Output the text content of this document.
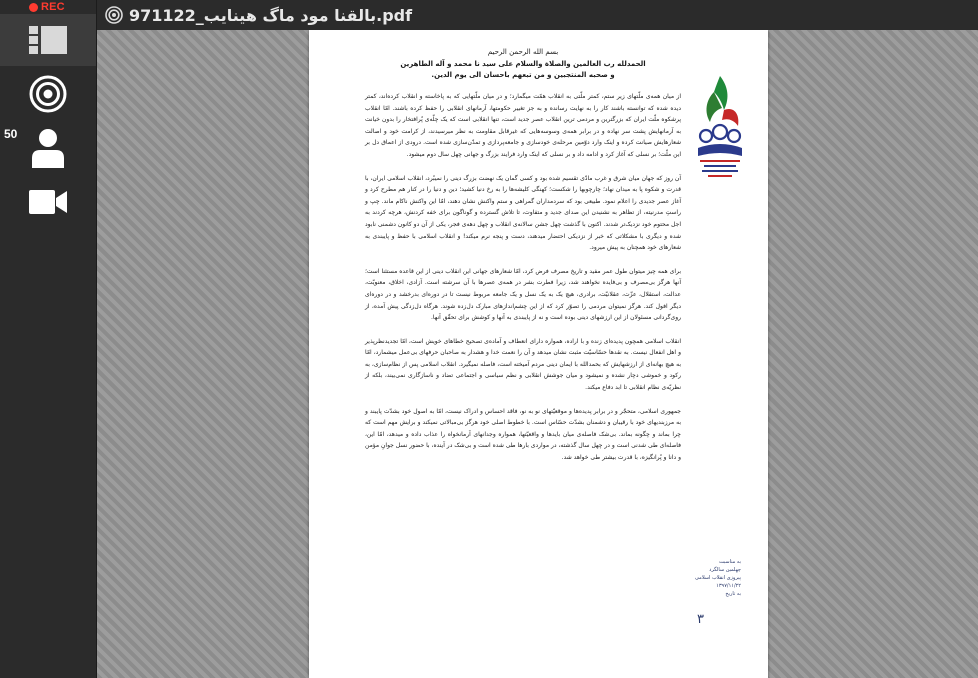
REC
50
بالقنا مود ماگ هینایب_971122.pdf
بسم الله الرحمن الرحیم
الحمدلله رب العالمین والصلاة والسلام علی سید نا محمد و آله الطاهرین
و صحبه المنتجبین و من تبعهم باحسان الی یوم الدین.

از میان همه‌ی ملّتهای زیر ستم، کمتر ملّتی به انقلاب همّت میگمارد؛ و در میان ملّتهایی که به پاخاسته و انقلاب کرده‌اند، کمتر دیده شده که توانسته باشند کار را به نهایت رسانده و به جز تغییر حکومتها، آرمانهای انقلابی را حفظ کرده باشند. امّا انقلاب پرشکوه ملّت ایران که بزرگترین و مردمی ترین انقلاب عصر جدید است، تنها انقلابی است که یک چلّه‌ی پُرافتخار را بدون خیانت به آرمانهایش پشت سر نهاده و در برابر همه‌ی وسوسه‌هایی که غیرقابل مقاومت به نظر میرسیدند، از کرامت خود و اصالت شعارهایش صیانت کرده و اینک وارد دوّمین مرحله‌ی خودسازی و جامعه‌پردازی و تمدّن‌سازی شده است. درودی از اعماق دل بر این ملّت؛ بر نسلی که آغاز کرد و ادامه داد و بر نسلی که اینک وارد فرایند بزرگ و جهانی چهل سال دوم میشود.

آن روز که جهان میان شرق و غرب مادّی تقسیم شده بود و کسی گمان یک نهضت بزرگ دینی را نمیبُرد، انقلاب اسلامی ایران، با قدرت و شکوه پا به میدان نهاد؛ چارچوبها را شکست؛ کهنگی کلیشه‌ها را به رخ دنیا کشید؛ دین و دنیا را در کنار هم مطرح کرد و آغاز عصر جدیدی را اعلام نمود. طبیعی بود که سردمداران گمراهی و ستم واکنش نشان دهند، امّا این واکنش ناکام ماند. چپ و راستِ مدرنیته، از تظاهر به نشنیدن این صدای جدید و متفاوت، تا تلاش گسترده و گوناگون برای خفه کردنش، هرچه کردند به اجل محتوم خود نزدیک‌تر شدند. اکنون با گذشت چهل جشن سالانه‌ی انقلاب و چهل دهه‌ی فجر، یکی از آن دو کانون دشمنی نابود شده و دیگری با مشکلاتی که خبر از نزدیکی احتضار میدهند، دست و پنجه نرم میکند! و انقلاب اسلامی با حفظ و پایبندی به شعارهای خود همچنان به پیش میرود.

برای همه چیز میتوان طول عمر مفید و تاریخ مصرف فرض کرد، امّا شعارهای جهانی این انقلاب دینی از این قاعده مستثنا است؛ آنها هرگز بی‌مصرف و بی‌فایده نخواهند شد، زیرا فطرت بشر در همه‌ی عصرها با آن سرشته است. آزادی، اخلاق، معنویّت، عدالت، استقلال، عزّت، عقلانیّت، برادری، هیچ یک به یک نسل و یک جامعه مربوط نیست تا در دوره‌ای بدرخشد و در دوره‌ای دیگر افول کند. هرگز نمیتوان مردمی را تصوّر کرد که از این چشم‌اندازهای مبارک دل‌زده شوند. هرگاه دل‌زدگی پیش آمده، از روی‌گردانی مسئولان از این ارزشهای دینی بوده است و نه از پایبندی به آنها و کوشش برای تحقّق آنها.

انقلاب اسلامی همچون پدیده‌ای زنده و با اراده، همواره دارای انعطاف و آماده‌ی تصحیح خطاهای خویش است، امّا تجدیدنظرپذیر و اهل انفعال نیست. به نقدها حسّاسیّت مثبت نشان میدهد و آن را نعمت خدا و هشدار به صاحبان حرفهای بی‌عمل میشمارد، امّا به هیچ بهانه‌ای از ارزشهایش که بحمدالله با ایمان دینی مردم آمیخته است، فاصله نمیگیرد. انقلاب اسلامی پس از نظام‌سازی، به رکود و خموشی دچار نشده و نمیشود و میان جوشش انقلابی و نظم سیاسی و اجتماعی تضاد و ناسازگاری نمی‌بیند، بلکه از نظریّه‌ی نظام انقلابی تا ابد دفاع میکند.

جمهوری اسلامی، متحجّر و در برابر پدیده‌ها و موقعیّتهای نو به نو، فاقد احساس و ادراک نیست، امّا به اصول خود بشدّت پایبند و به مرزبندیهای خود با رقیبان و دشمنان بشدّت حسّاس است. با خطوط اصلی خود هرگز بی‌مبالاتی نمیکند و برایش مهم است که چرا بماند و چگونه بماند. بی‌شک فاصله‌ی میان بایدها و واقعیّتها، همواره وجدانهای آرمانخواه را عذاب داده و میدهد، امّا این، فاصله‌ای طی شدنی است و در چهل سال گذشته، در مواردی بارها طی شده است و بی‌شک در آینده، با حضور نسل جوانِ مؤمن و دانا و پُرانگیزه، با قدرت بیشتر طی خواهد شد.

به مناسبت
چهلمین سالگرد
پیروزی انقلاب اسلامی
۱۳۹۷/۱۱/۲۲
به تاریخ
۳
